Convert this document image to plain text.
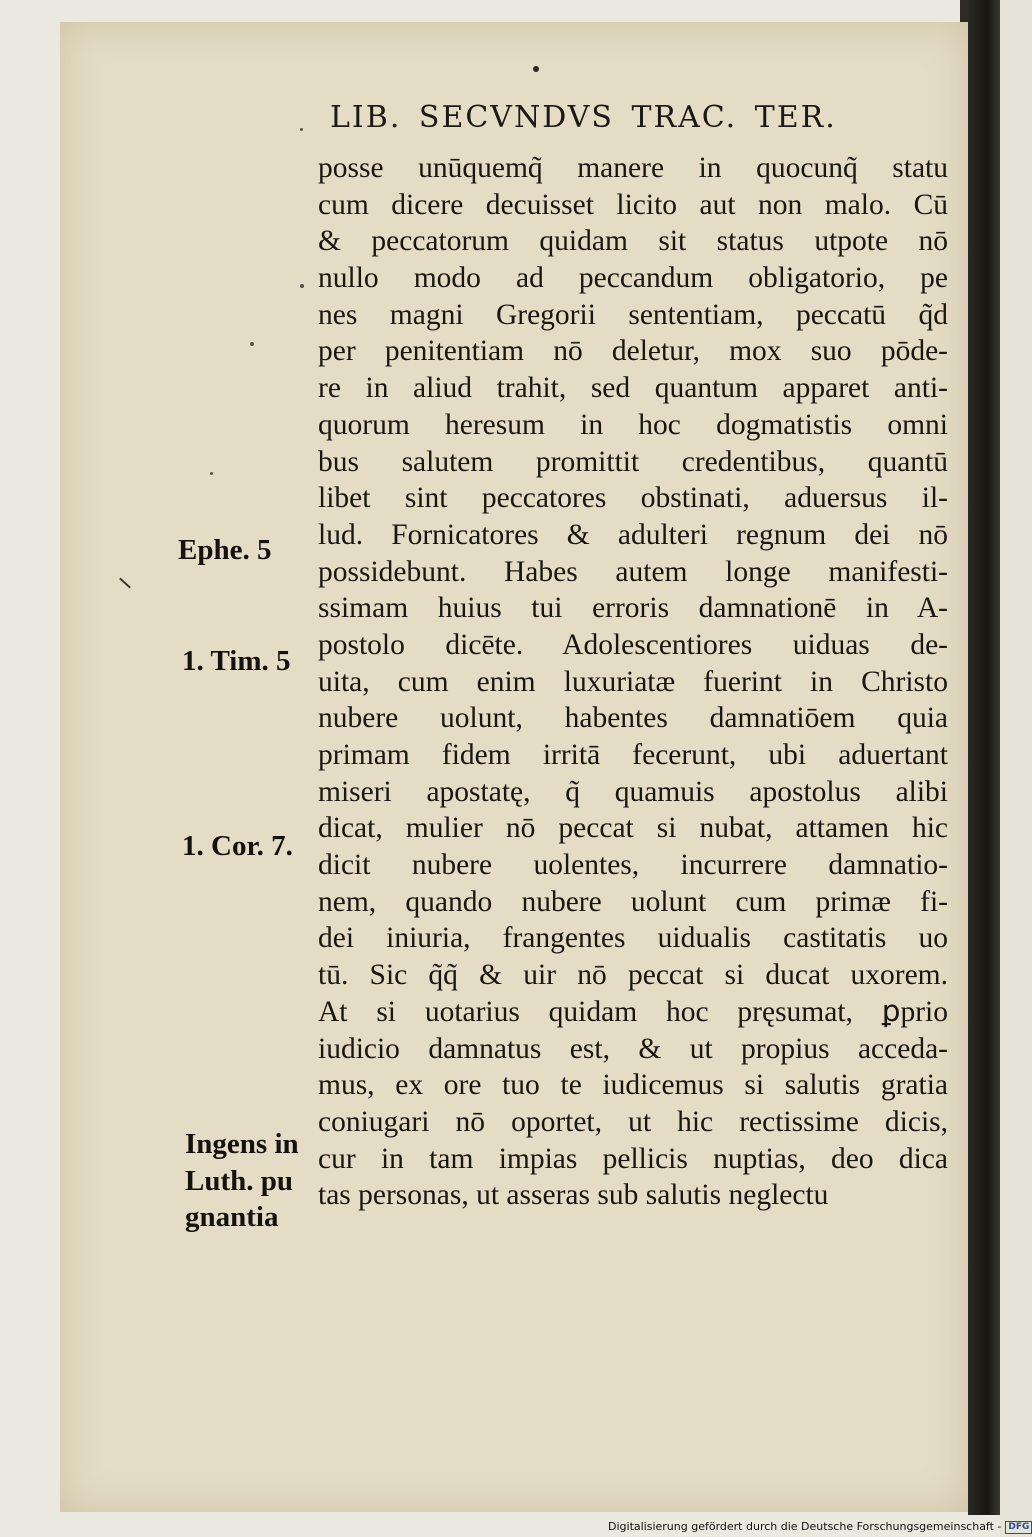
LIB. SECVNDVS TRAC. TER.
posse unūquemq̃ manere in quocunq̃ statu
cum dicere decuisset licito aut non malo. Cū
& peccatorum quidam sit status utpote nō
nullo modo ad peccandum obligatorio, pe
nes magni Gregorii sententiam, peccatū q̃d
per penitentiam nō deletur, mox suo pōde-
re in aliud trahit, sed quantum apparet anti-
quorum heresum in hoc dogmatistis omni
bus salutem promittit credentibus, quantū
libet sint peccatores obstinati, aduersus il-
lud. Fornicatores & adulteri regnum dei nō
possidebunt. Habes autem longe manifesti-
ssimam huius tui erroris damnationē in A-
postolo dicēte. Adolescentiores uiduas de-
uita, cum enim luxuriatæ fuerint in Christo
nubere uolunt, habentes damnatiōem quia
primam fidem irritā fecerunt, ubi aduertant
miseri apostatę, q̃ quamuis apostolus alibi
dicat, mulier nō peccat si nubat, attamen hic
dicit nubere uolentes, incurrere damnatio-
nem, quando nubere uolunt cum primæ fi-
dei iniuria, frangentes uidualis castitatis uo
tū. Sic q̃q̃ & uir nō peccat si ducat uxorem.
At si uotarius quidam hoc pręsumat, ꝑprio
iudicio damnatus est, & ut propius acceda-
mus, ex ore tuo te iudicemus si salutis gratia
coniugari nō oportet, ut hic rectissime dicis,
cur in tam impias pellicis nuptias, deo dica
tas personas, ut asseras sub salutis neglectu
Ephe. 5
1. Tim. 5
1. Cor. 7.
Ingens in
Luth. pu
gnantia
Digitalisierung gefördert durch die Deutsche Forschungsgemeinschaft - DFG
